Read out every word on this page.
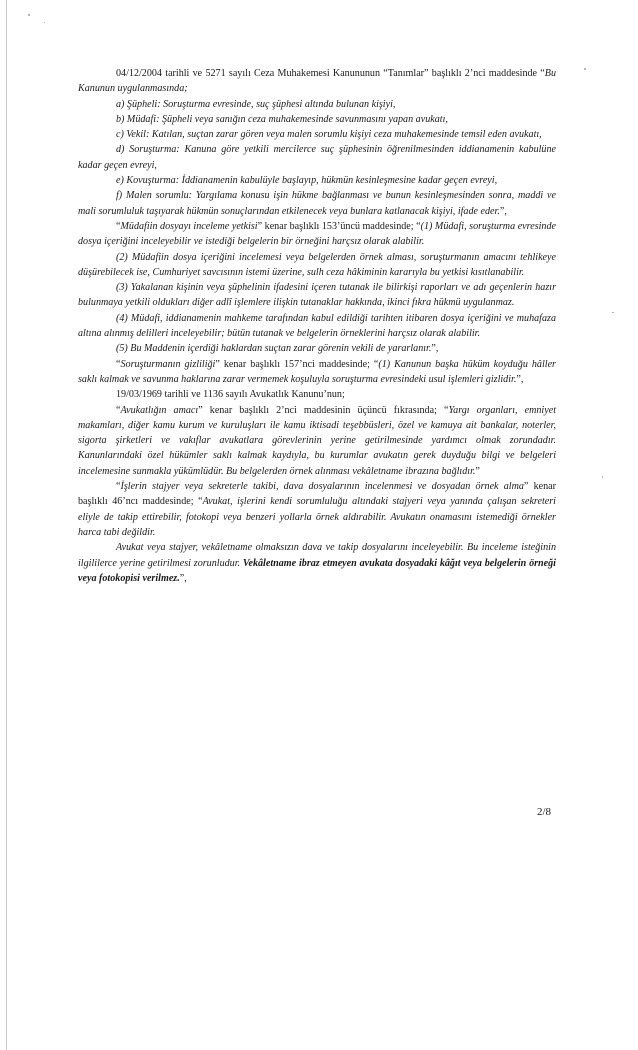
04/12/2004 tarihli ve 5271 sayılı Ceza Muhakemesi Kanununun “Tanımlar” başlıklı 2’nci maddesinde “Bu Kanunun uygulanmasında;

a) Şüpheli: Soruşturma evresinde, suç şüphesi altında bulunan kişiyi,

b) Müdafi: Şüpheli veya sanığın ceza muhakemesinde savunmasını yapan avukatı,

c) Vekil: Katılan, suçtan zarar gören veya malen sorumlu kişiyi ceza muhakemesinde temsil eden avukatı,

d) Soruşturma: Kanuna göre yetkili mercilerce suç şüphesinin öğrenilmesinden iddianamenin kabulüne kadar geçen evreyi,

e) Kovuşturma: İddianamenin kabulüyle başlayıp, hükmün kesinleşmesine kadar geçen evreyi,

f) Malen sorumlu: Yargılama konusu işin hükme bağlanması ve bunun kesinleşmesinden sonra, maddi ve mali sorumluluk taşıyarak hükmün sonuçlarından etkilenecek veya bunlara katlanacak kişiyi, ifade eder.”,

“Müdafiin dosyayı inceleme yetkisi” kenar başlıklı 153’üncü maddesinde; “(1) Müdafi, soruşturma evresinde dosya içeriğini inceleyebilir ve istediği belgelerin bir örneğini harçsız olarak alabilir.

(2) Müdafiin dosya içeriğini incelemesi veya belgelerden örnek alması, soruşturmanın amacını tehlikeye düşürebilecek ise, Cumhuriyet savcısının istemi üzerine, sulh ceza hâkiminin kararıyla bu yetkisi kısıtlanabilir.

(3) Yakalanan kişinin veya şüphelinin ifadesini içeren tutanak ile bilirkişi raporları ve adı geçenlerin hazır bulunmaya yetkili oldukları diğer adlî işlemlere ilişkin tutanaklar hakkında, ikinci fıkra hükmü uygulanmaz.

(4) Müdafi, iddianamenin mahkeme tarafından kabul edildiği tarihten itibaren dosya içeriğini ve muhafaza altına alınmış delilleri inceleyebilir; bütün tutanak ve belgelerin örneklerini harçsız olarak alabilir.

(5) Bu Maddenin içerdiği haklardan suçtan zarar görenin vekili de yararlanır.”,

“Soruşturmanın gizliliği” kenar başlıklı 157’nci maddesinde; “(1) Kanunun başka hüküm koyduğu hâller saklı kalmak ve savunma haklarına zarar vermemek koşuluyla soruşturma evresindeki usul işlemleri gizlidir.”,

19/03/1969 tarihli ve 1136 sayılı Avukatlık Kanunu’nun;

“Avukatlığın amacı” kenar başlıklı 2’nci maddesinin üçüncü fıkrasında; “Yargı organları, emniyet makamları, diğer kamu kurum ve kuruluşları ile kamu iktisadi teşebbüsleri, özel ve kamuya ait bankalar, noterler, sigorta şirketleri ve vakıflar avukatlara görevlerinin yerine getirilmesinde yardımcı olmak zorundadır. Kanunlarındaki özel hükümler saklı kalmak kaydıyla, bu kurumlar avukatın gerek duyduğu bilgi ve belgeleri incelemesine sunmakla yükümlüdür. Bu belgelerden örnek alınması vekâletname ibrazına bağlıdır.”

“İşlerin stajyer veya sekreterle takibi, dava dosyalarının incelenmesi ve dosyadan örnek alma” kenar başlıklı 46’ncı maddesinde; “Avukat, işlerini kendi sorumluluğu altındaki stajyeri veya yanında çalışan sekreteri eliyle de takip ettirebilir, fotokopi veya benzeri yollarla örnek aldırabilir. Avukatın onamasını istemediği örnekler harca tabi değildir.

Avukat veya stajyer, vekâletname olmaksızın dava ve takip dosyalarını inceleyebilir. Bu inceleme isteğinin ilgililerce yerine getirilmesi zorunludur. Vekâletname ibraz etmeyen avukata dosyadaki kâğıt veya belgelerin örneği veya fotokopisi verilmez.”,

2/8
